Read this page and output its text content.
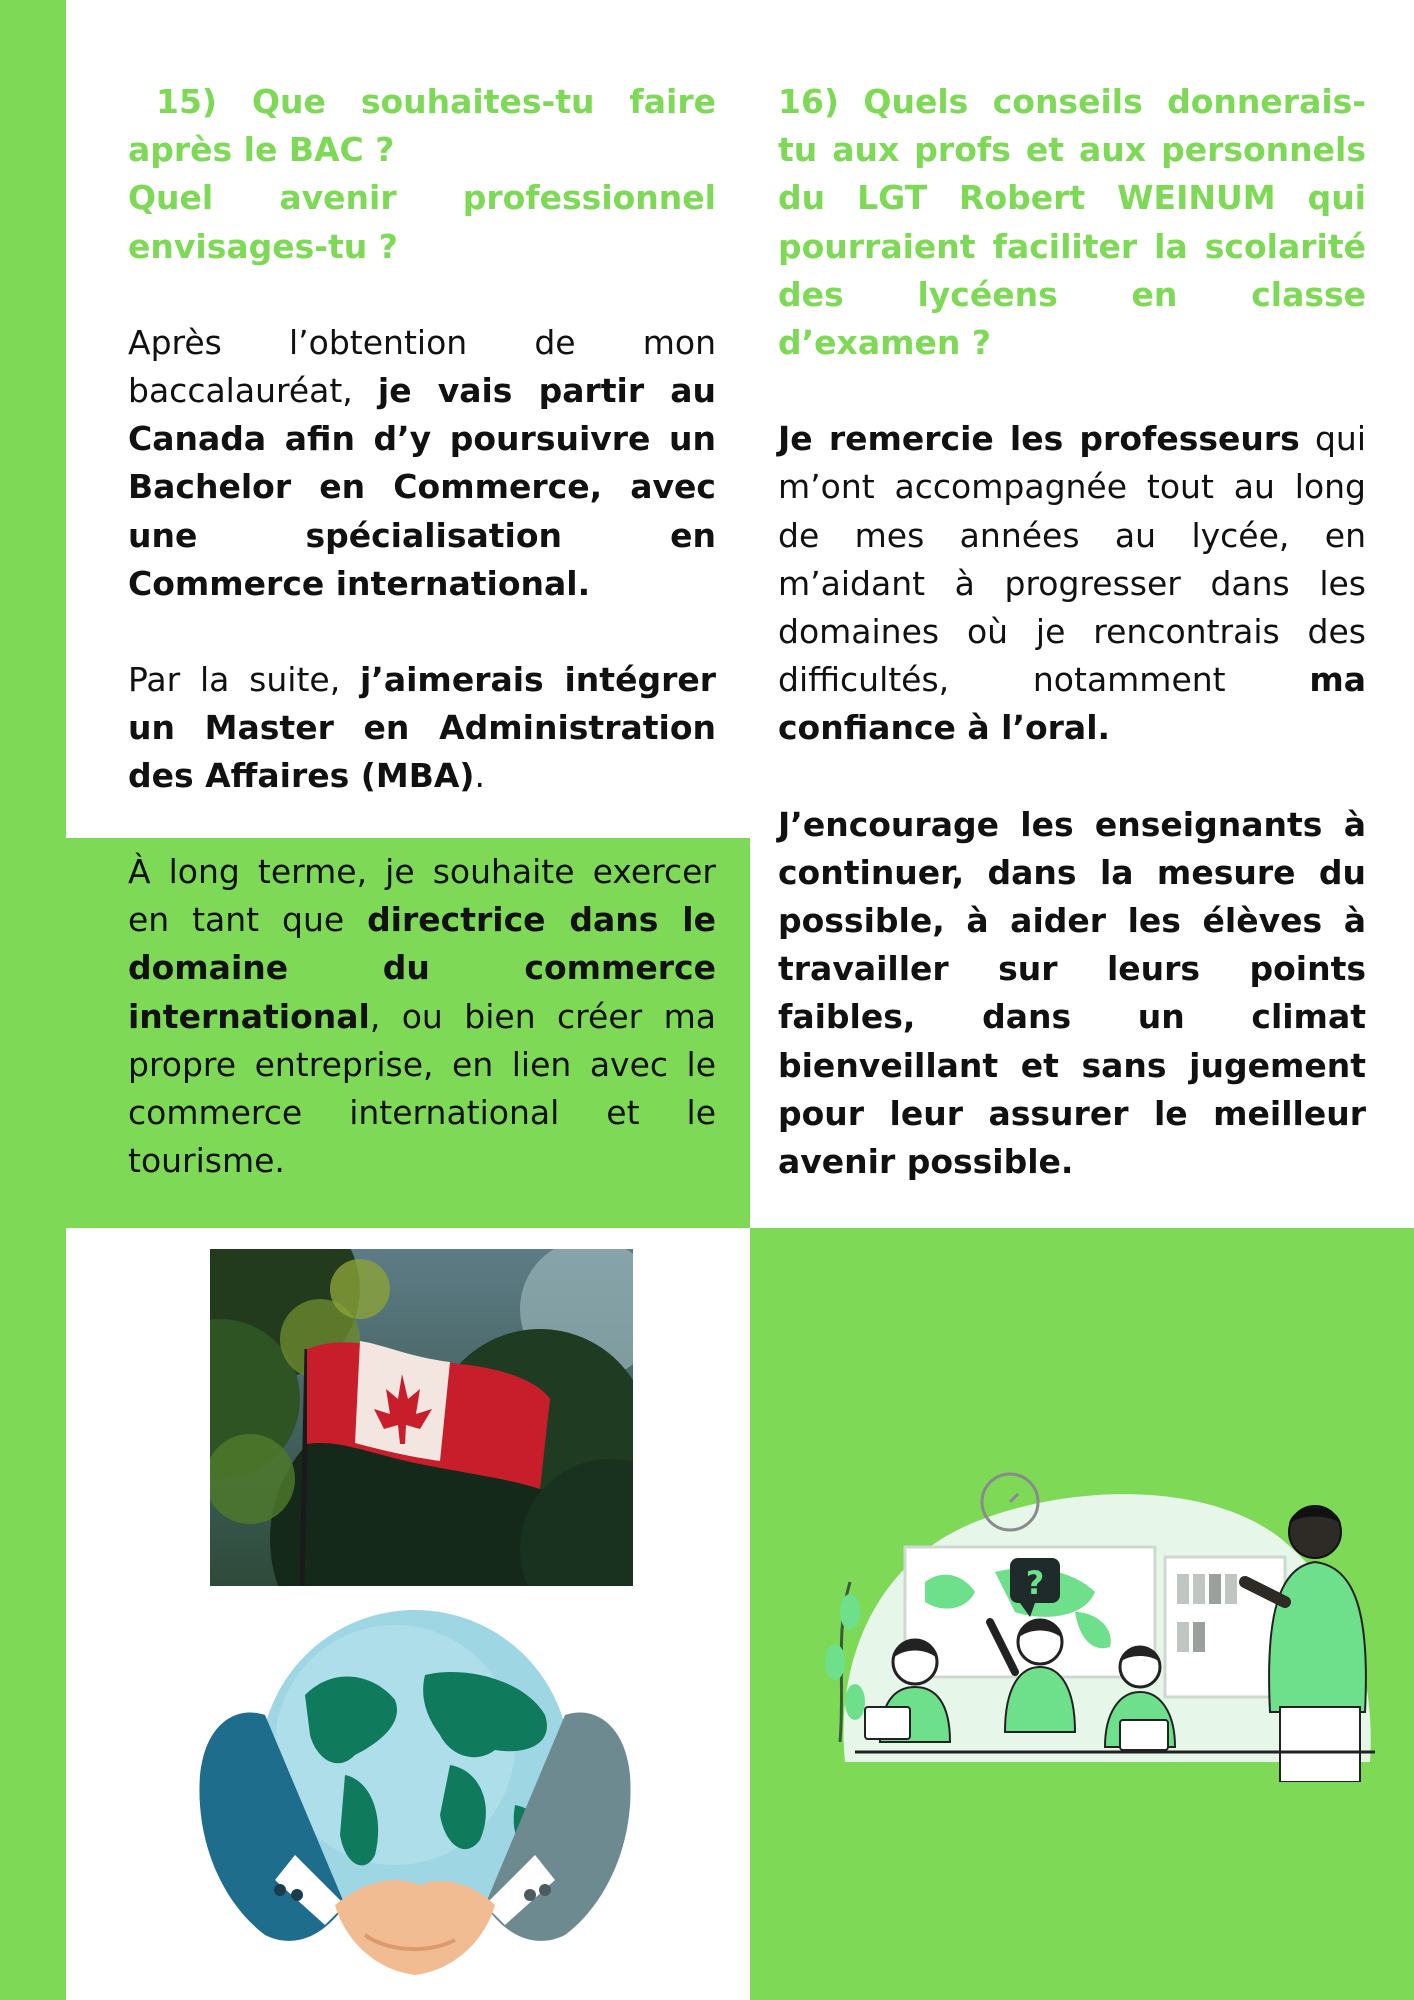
15) Que souhaites-tu faire après le BAC ?

Quel avenir professionnel envisages-tu ?

Après l’obtention de mon baccalauréat, je vais partir au Canada afin d’y poursuivre un Bachelor en Commerce, avec une spécialisation en Commerce international.

Par la suite, j’aimerais intégrer un Master en Administration des Affaires (MBA).

À long terme, je souhaite exercer en tant que directrice dans le domaine du commerce international, ou bien créer ma propre entreprise, en lien avec le commerce international et le tourisme.

16) Quels conseils donnerais-tu aux profs et aux personnels du LGT Robert WEINUM qui pourraient faciliter la scolarité des lycéens en classe d’examen ?

Je remercie les professeurs qui m’ont accompagnée tout au long de mes années au lycée, en m’aidant à progresser dans les domaines où je rencontrais des difficultés, notamment ma confiance à l’oral.

J’encourage les enseignants à continuer, dans la mesure du possible, à aider les élèves à travailler sur leurs points faibles, dans un climat bienveillant et sans jugement pour leur assurer le meilleur avenir possible.

?
